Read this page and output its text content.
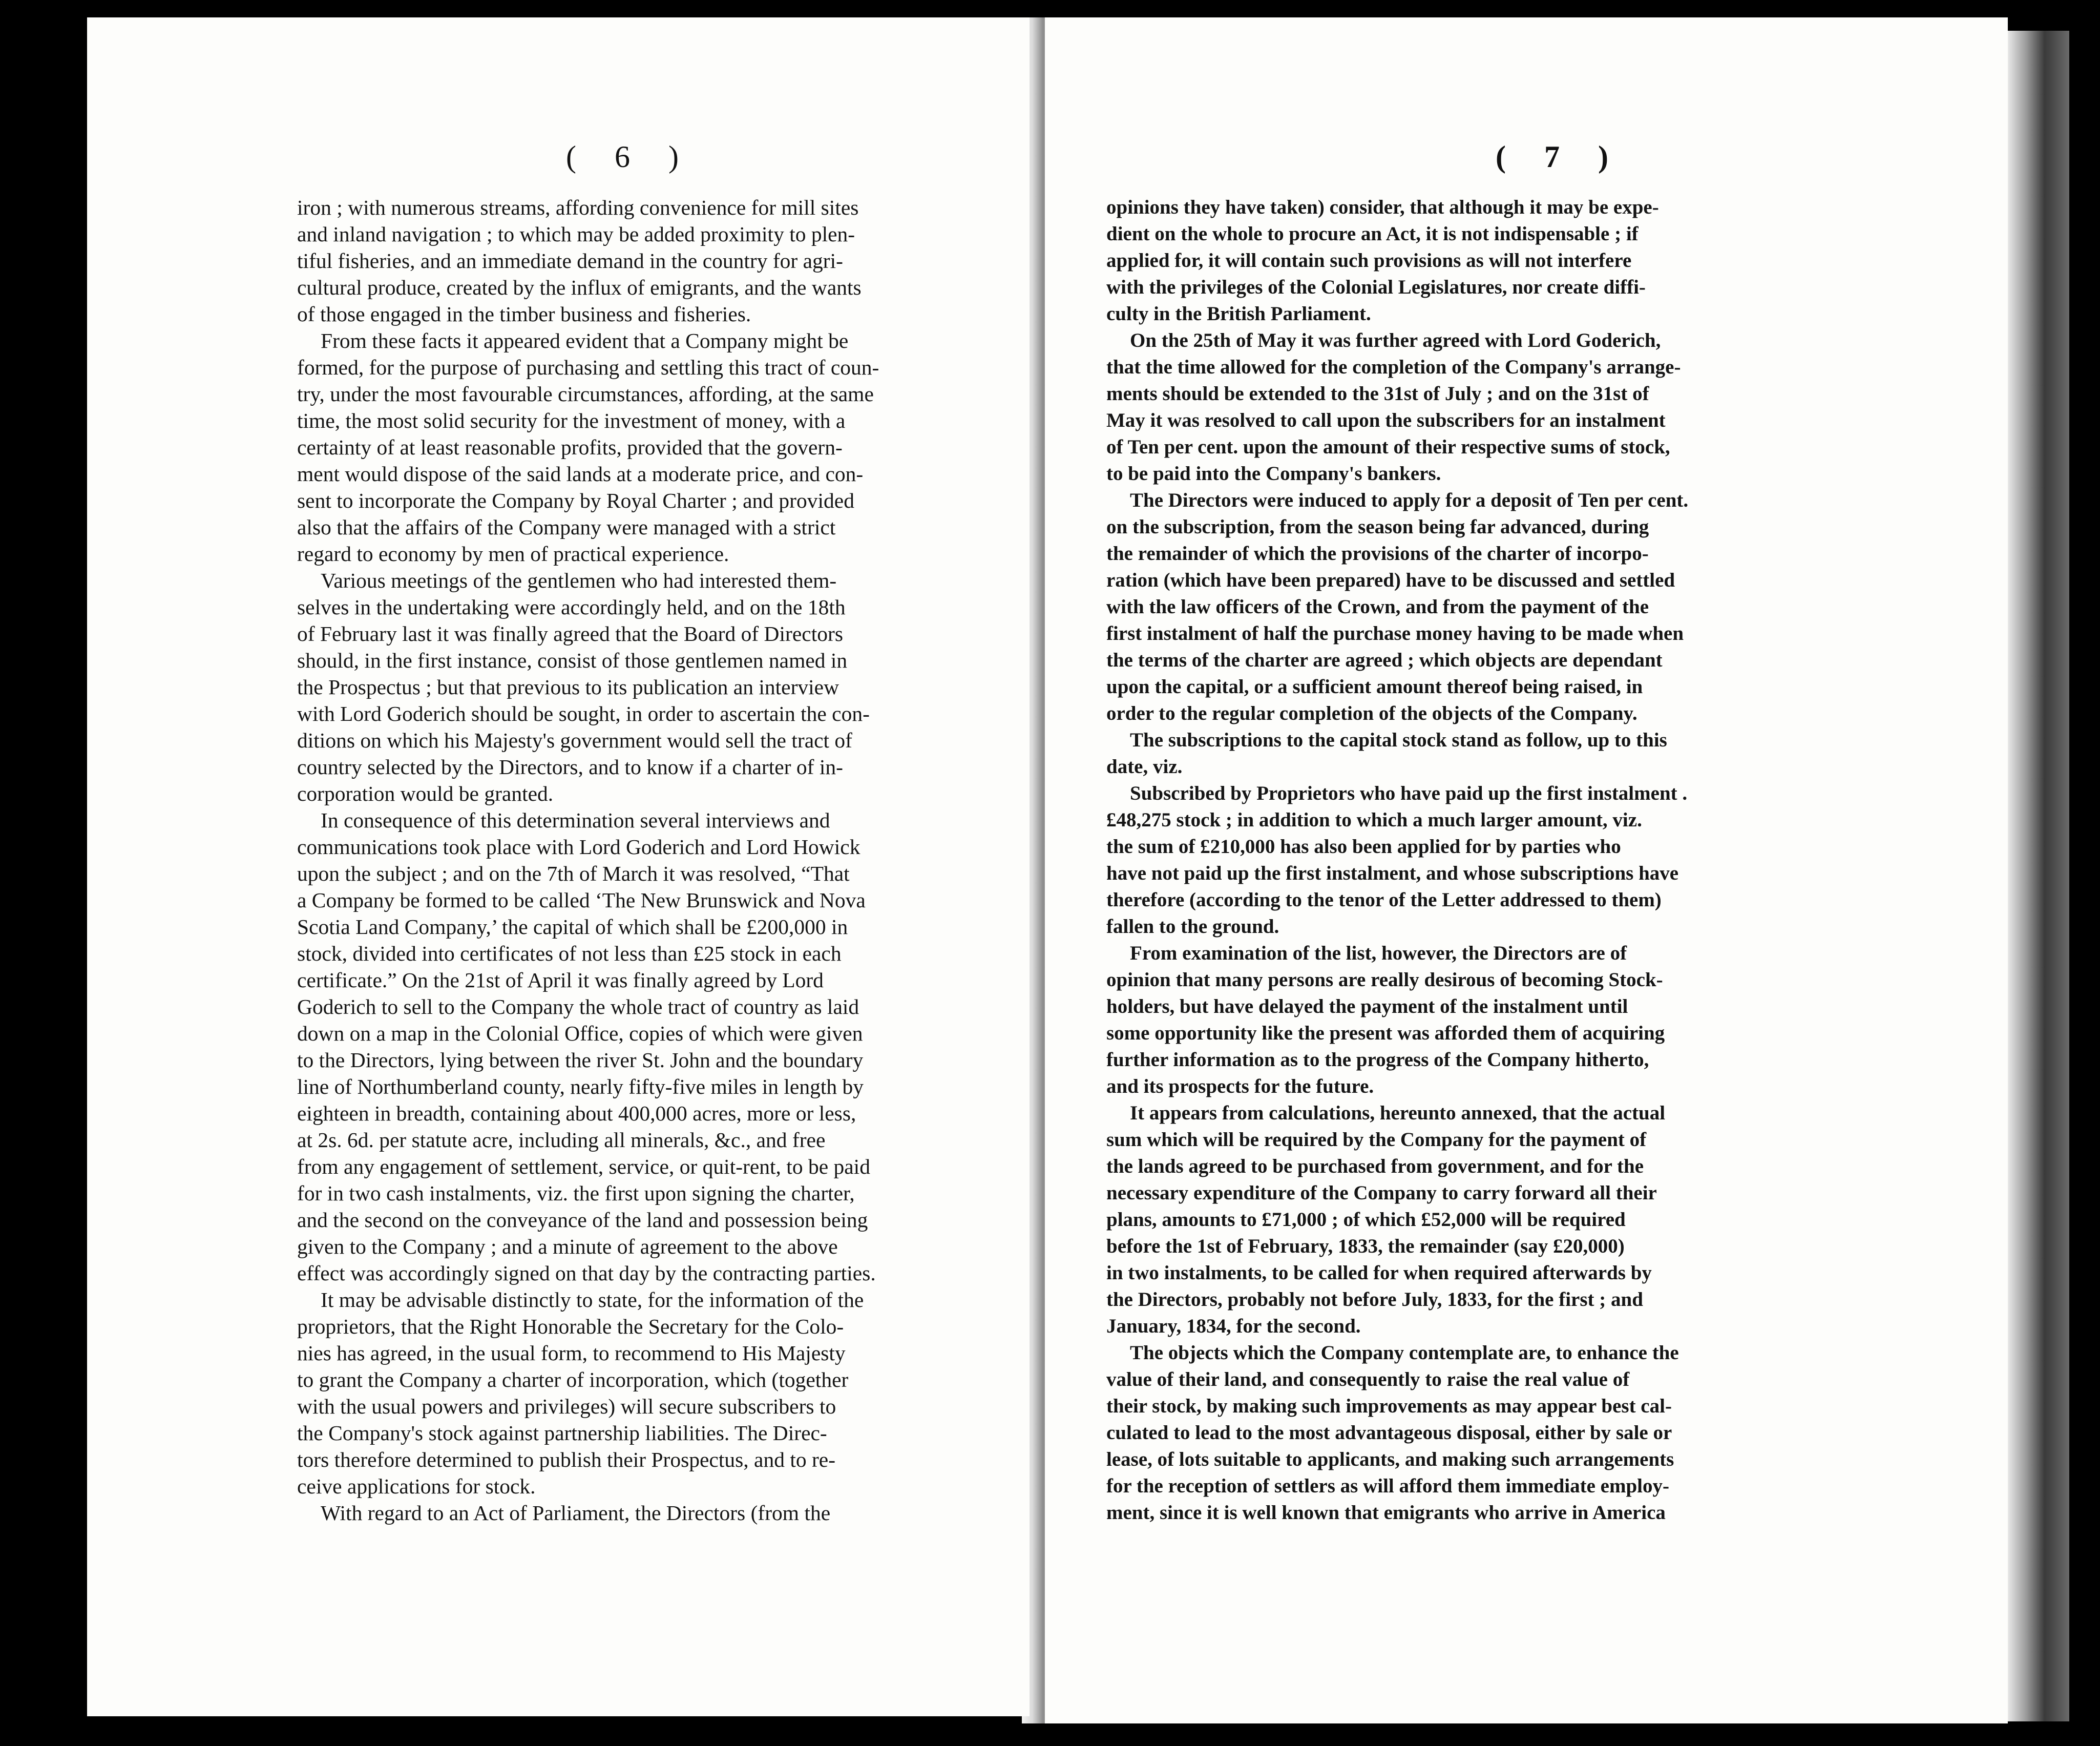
( 6 )
iron ; with numerous streams, affording convenience for mill sites
and inland navigation ; to which may be added proximity to plen-
tiful fisheries, and an immediate demand in the country for agri-
cultural produce, created by the influx of emigrants, and the wants
of those engaged in the timber business and fisheries.
From these facts it appeared evident that a Company might be
formed, for the purpose of purchasing and settling this tract of coun-
try, under the most favourable circumstances, affording, at the same
time, the most solid security for the investment of money, with a
certainty of at least reasonable profits, provided that the govern-
ment would dispose of the said lands at a moderate price, and con-
sent to incorporate the Company by Royal Charter ; and provided
also that the affairs of the Company were managed with a strict
regard to economy by men of practical experience.
Various meetings of the gentlemen who had interested them-
selves in the undertaking were accordingly held, and on the 18th
of February last it was finally agreed that the Board of Directors
should, in the first instance, consist of those gentlemen named in
the Prospectus ; but that previous to its publication an interview
with Lord Goderich should be sought, in order to ascertain the con-
ditions on which his Majesty's government would sell the tract of
country selected by the Directors, and to know if a charter of in-
corporation would be granted.
In consequence of this determination several interviews and
communications took place with Lord Goderich and Lord Howick
upon the subject ; and on the 7th of March it was resolved, “That
a Company be formed to be called ‘The New Brunswick and Nova
Scotia Land Company,’ the capital of which shall be £200,000 in
stock, divided into certificates of not less than £25 stock in each
certificate.” On the 21st of April it was finally agreed by Lord
Goderich to sell to the Company the whole tract of country as laid
down on a map in the Colonial Office, copies of which were given
to the Directors, lying between the river St. John and the boundary
line of Northumberland county, nearly fifty-five miles in length by
eighteen in breadth, containing about 400,000 acres, more or less,
at 2s. 6d. per statute acre, including all minerals, &c., and free
from any engagement of settlement, service, or quit-rent, to be paid
for in two cash instalments, viz. the first upon signing the charter,
and the second on the conveyance of the land and possession being
given to the Company ; and a minute of agreement to the above
effect was accordingly signed on that day by the contracting parties.
It may be advisable distinctly to state, for the information of the
proprietors, that the Right Honorable the Secretary for the Colo-
nies has agreed, in the usual form, to recommend to His Majesty
to grant the Company a charter of incorporation, which (together
with the usual powers and privileges) will secure subscribers to
the Company's stock against partnership liabilities. The Direc-
tors therefore determined to publish their Prospectus, and to re-
ceive applications for stock.
With regard to an Act of Parliament, the Directors (from the
( 7 )
opinions they have taken) consider, that although it may be expe-
dient on the whole to procure an Act, it is not indispensable ; if
applied for, it will contain such provisions as will not interfere
with the privileges of the Colonial Legislatures, nor create diffi-
culty in the British Parliament.
On the 25th of May it was further agreed with Lord Goderich,
that the time allowed for the completion of the Company's arrange-
ments should be extended to the 31st of July ; and on the 31st of
May it was resolved to call upon the subscribers for an instalment
of Ten per cent. upon the amount of their respective sums of stock,
to be paid into the Company's bankers.
The Directors were induced to apply for a deposit of Ten per cent.
on the subscription, from the season being far advanced, during
the remainder of which the provisions of the charter of incorpo-
ration (which have been prepared) have to be discussed and settled
with the law officers of the Crown, and from the payment of the
first instalment of half the purchase money having to be made when
the terms of the charter are agreed ; which objects are dependant
upon the capital, or a sufficient amount thereof being raised, in
order to the regular completion of the objects of the Company.
The subscriptions to the capital stock stand as follow, up to this
date, viz.
Subscribed by Proprietors who have paid up the first instalment .
£48,275 stock ; in addition to which a much larger amount, viz.
the sum of £210,000 has also been applied for by parties who
have not paid up the first instalment, and whose subscriptions have
therefore (according to the tenor of the Letter addressed to them)
fallen to the ground.
From examination of the list, however, the Directors are of
opinion that many persons are really desirous of becoming Stock-
holders, but have delayed the payment of the instalment until
some opportunity like the present was afforded them of acquiring
further information as to the progress of the Company hitherto,
and its prospects for the future.
It appears from calculations, hereunto annexed, that the actual
sum which will be required by the Company for the payment of
the lands agreed to be purchased from government, and for the
necessary expenditure of the Company to carry forward all their
plans, amounts to £71,000 ; of which £52,000 will be required
before the 1st of February, 1833, the remainder (say £20,000)
in two instalments, to be called for when required afterwards by
the Directors, probably not before July, 1833, for the first ; and
January, 1834, for the second.
The objects which the Company contemplate are, to enhance the
value of their land, and consequently to raise the real value of
their stock, by making such improvements as may appear best cal-
culated to lead to the most advantageous disposal, either by sale or
lease, of lots suitable to applicants, and making such arrangements
for the reception of settlers as will afford them immediate employ-
ment, since it is well known that emigrants who arrive in America
